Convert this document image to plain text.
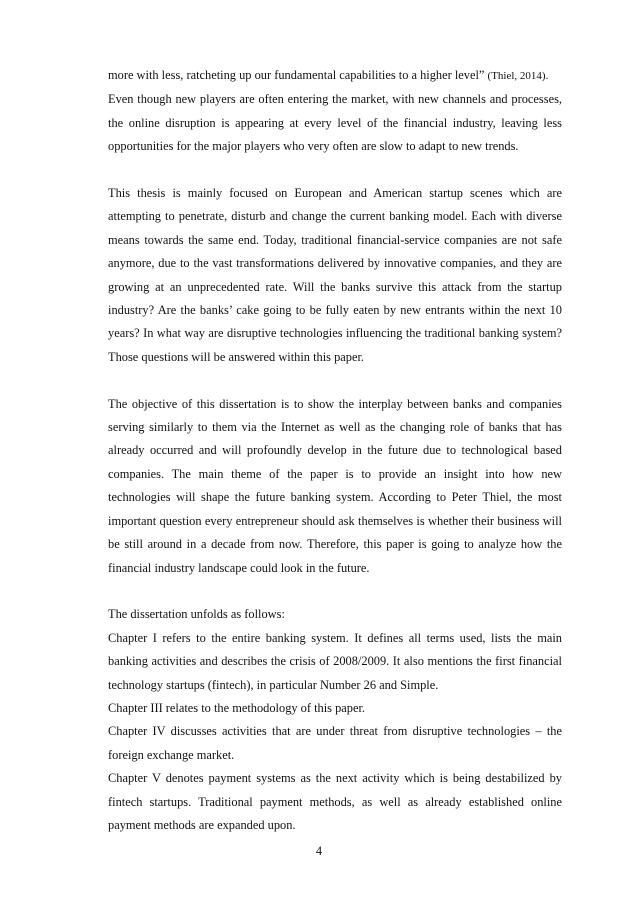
more with less, ratcheting up our fundamental capabilities to a higher level” (Thiel, 2014).

Even though new players are often entering the market, with new channels and processes, the online disruption is appearing at every level of the financial industry, leaving less opportunities for the major players who very often are slow to adapt to new trends.

This thesis is mainly focused on European and American startup scenes which are attempting to penetrate, disturb and change the current banking model. Each with diverse means towards the same end. Today, traditional financial-service companies are not safe anymore, due to the vast transformations delivered by innovative companies, and they are growing at an unprecedented rate. Will the banks survive this attack from the startup industry? Are the banks’ cake going to be fully eaten by new entrants within the next 10 years? In what way are disruptive technologies influencing the traditional banking system? Those questions will be answered within this paper.

The objective of this dissertation is to show the interplay between banks and companies serving similarly to them via the Internet as well as the changing role of banks that has already occurred and will profoundly develop in the future due to technological based companies. The main theme of the paper is to provide an insight into how new technologies will shape the future banking system. According to Peter Thiel, the most important question every entrepreneur should ask themselves is whether their business will be still around in a decade from now. Therefore, this paper is going to analyze how the financial industry landscape could look in the future.

The dissertation unfolds as follows:

Chapter I refers to the entire banking system. It defines all terms used, lists the main banking activities and describes the crisis of 2008/2009. It also mentions the first financial technology startups (fintech), in particular Number 26 and Simple.

Chapter III relates to the methodology of this paper.

Chapter IV discusses activities that are under threat from disruptive technologies – the foreign exchange market.

Chapter V denotes payment systems as the next activity which is being destabilized by fintech startups. Traditional payment methods, as well as already established online payment methods are expanded upon.

4
